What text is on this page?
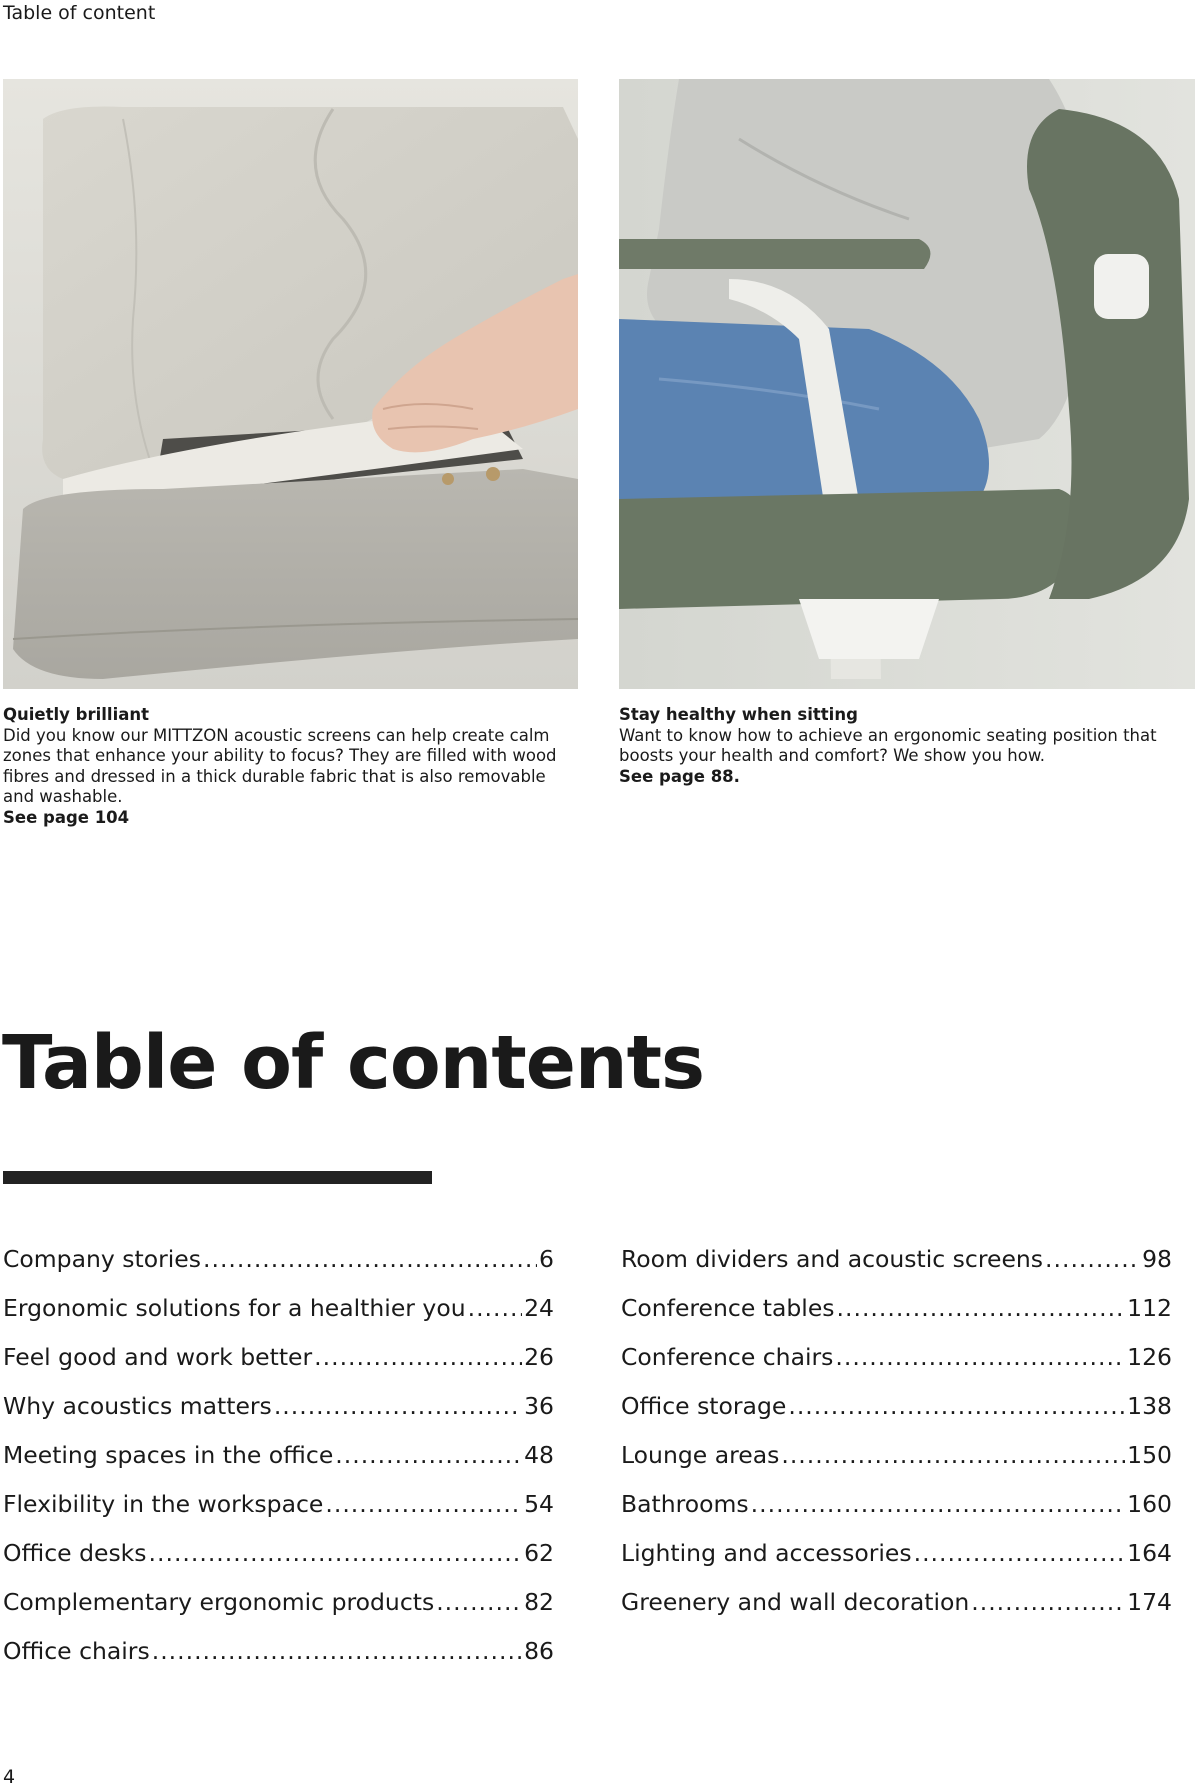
Table of content
Quietly brilliant
Did you know our MITTZON acoustic screens can help create calm zones that enhance your ability to focus? They are filled with wood fibres and dressed in a thick durable fabric that is also removable and washable.
See page 104
Stay healthy when sitting
Want to know how to achieve an ergonomic seating position that boosts your health and comfort? We show you how.
See page 88.
Table of contents
Company stories .....	6
Ergonomic solutions for a healthier you ..... 24
Feel good and work better .....	26
Why acoustics matters .....	36
Meeting spaces in the office .....	48
Flexibility in the workspace .....	54
Office desks .....	62
Complementary ergonomic products .....	82
Office chairs .....	86
Room dividers and acoustic screens .....	98
Conference tables .....	112
Conference chairs .....	126
Office storage .....	138
Lounge areas .....	150
Bathrooms .....	160
Lighting and accessories .....	164
Greenery and wall decoration .....	174
4
